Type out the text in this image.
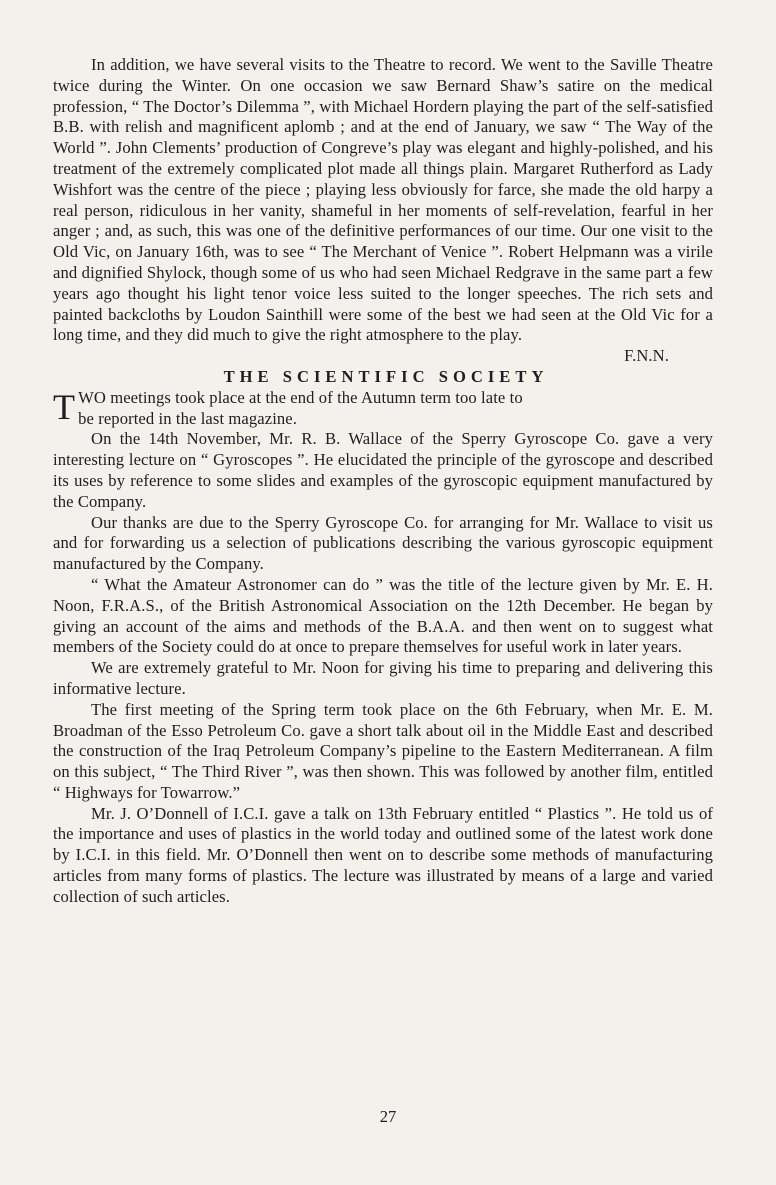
In addition, we have several visits to the Theatre to record. We went to the Saville Theatre twice during the Winter. On one occasion we saw Bernard Shaw’s satire on the medical profession, “ The Doctor’s Dilemma ”, with Michael Hordern playing the part of the self-satisfied B.B. with relish and magnificent aplomb ; and at the end of January, we saw “ The Way of the World ”. John Clements’ production of Congreve’s play was elegant and highly-polished, and his treatment of the extremely complicated plot made all things plain. Margaret Rutherford as Lady Wishfort was the centre of the piece ; playing less obviously for farce, she made the old harpy a real person, ridiculous in her vanity, shameful in her moments of self-revelation, fearful in her anger ; and, as such, this was one of the definitive performances of our time. Our one visit to the Old Vic, on January 16th, was to see “ The Merchant of Venice ”. Robert Helpmann was a virile and dignified Shylock, though some of us who had seen Michael Redgrave in the same part a few years ago thought his light tenor voice less suited to the longer speeches. The rich sets and painted backcloths by Loudon Sainthill were some of the best we had seen at the Old Vic for a long time, and they did much to give the right atmosphere to the play.

F.N.N.

THE SCIENTIFIC SOCIETY
T WO meetings took place at the end of the Autumn term too late to
be reported in the last magazine.

On the 14th November, Mr. R. B. Wallace of the Sperry Gyroscope Co. gave a very interesting lecture on “ Gyroscopes ”. He elucidated the principle of the gyroscope and described its uses by reference to some slides and examples of the gyroscopic equipment manufactured by the Company.

Our thanks are due to the Sperry Gyroscope Co. for arranging for Mr. Wallace to visit us and for forwarding us a selection of publications describing the various gyroscopic equipment manufactured by the Company.

“ What the Amateur Astronomer can do ” was the title of the lecture given by Mr. E. H. Noon, F.R.A.S., of the British Astronomical Association on the 12th December. He began by giving an account of the aims and methods of the B.A.A. and then went on to suggest what members of the Society could do at once to prepare themselves for useful work in later years.

We are extremely grateful to Mr. Noon for giving his time to preparing and delivering this informative lecture.

The first meeting of the Spring term took place on the 6th February, when Mr. E. M. Broadman of the Esso Petroleum Co. gave a short talk about oil in the Middle East and described the construction of the Iraq Petroleum Company’s pipeline to the Eastern Mediterranean. A film on this subject, “ The Third River ”, was then shown. This was followed by another film, entitled “ Highways for Towarrow.”

Mr. J. O’Donnell of I.C.I. gave a talk on 13th February entitled “ Plastics ”. He told us of the importance and uses of plastics in the world today and outlined some of the latest work done by I.C.I. in this field. Mr. O’Donnell then went on to describe some methods of manufacturing articles from many forms of plastics. The lecture was illustrated by means of a large and varied collection of such articles.

27
